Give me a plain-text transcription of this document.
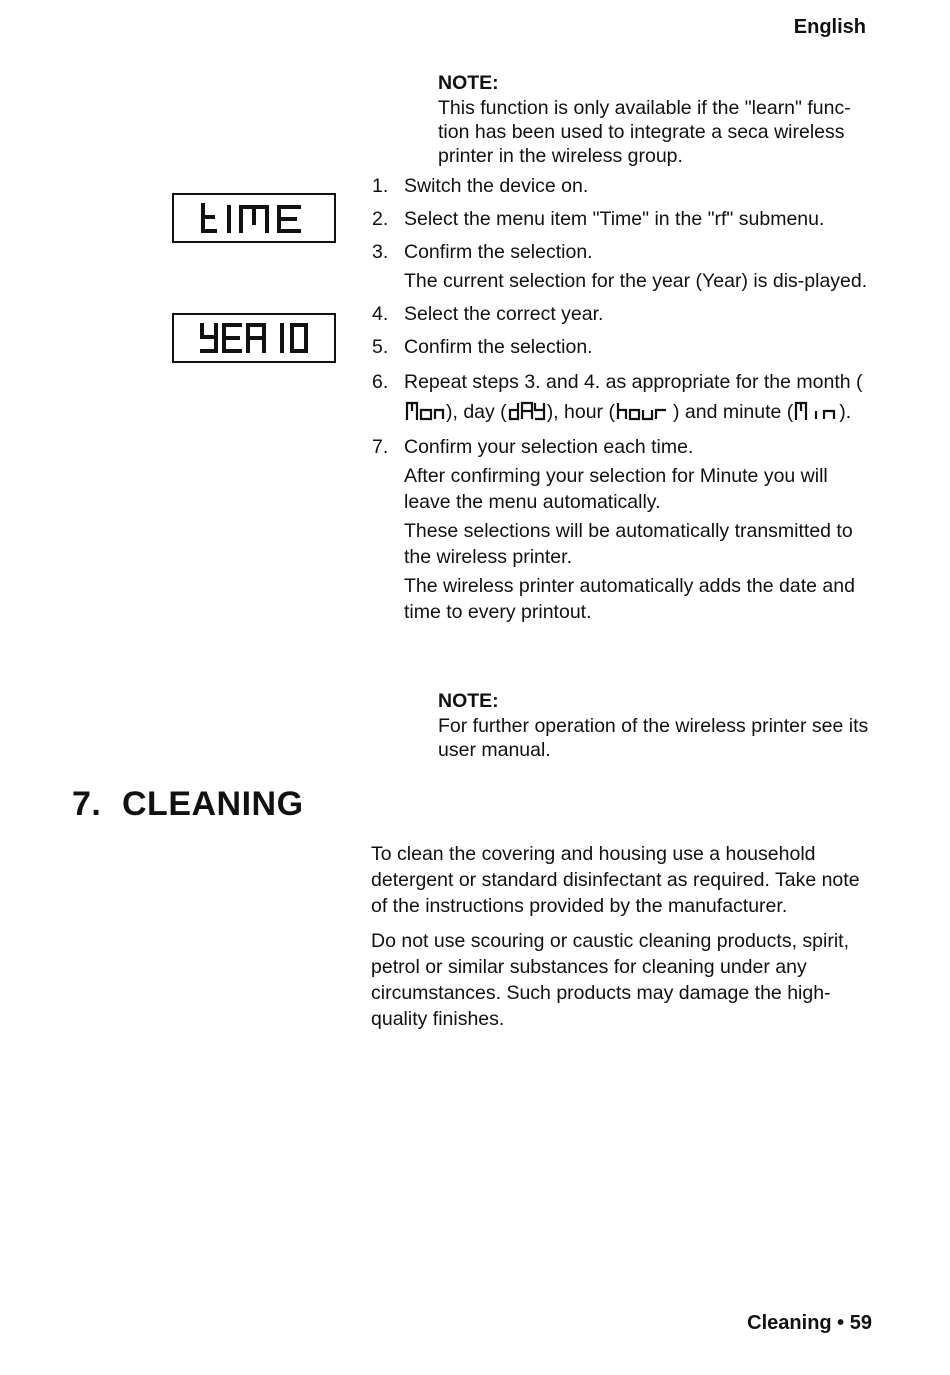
English
NOTE:
This function is only available if the "learn" func-tion has been used to integrate a seca wireless printer in the wireless group.
1. Switch the device on.
2. Select the menu item "Time" in the "rf" submenu.
3. Confirm the selection.
The current selection for the year (Year) is dis-played.
4. Select the correct year.
5. Confirm the selection.
6. Repeat steps 3. and 4. as appropriate for the month (), day ( ), hour (	) and minute ( ).
7. Confirm your selection each time.
After confirming your selection for Minute you will leave the menu automatically.
These selections will be automatically transmitted to the wireless printer.
The wireless printer automatically adds the date and time to every printout.
NOTE:
For further operation of the wireless printer see its user manual.
7. CLEANING
To clean the covering and housing use a household detergent or standard disinfectant as required. Take note of the instructions provided by the manufacturer.
Do not use scouring or caustic cleaning products, spirit, petrol or similar substances for cleaning under any circumstances. Such products may damage the high-quality finishes.
Cleaning • 59
